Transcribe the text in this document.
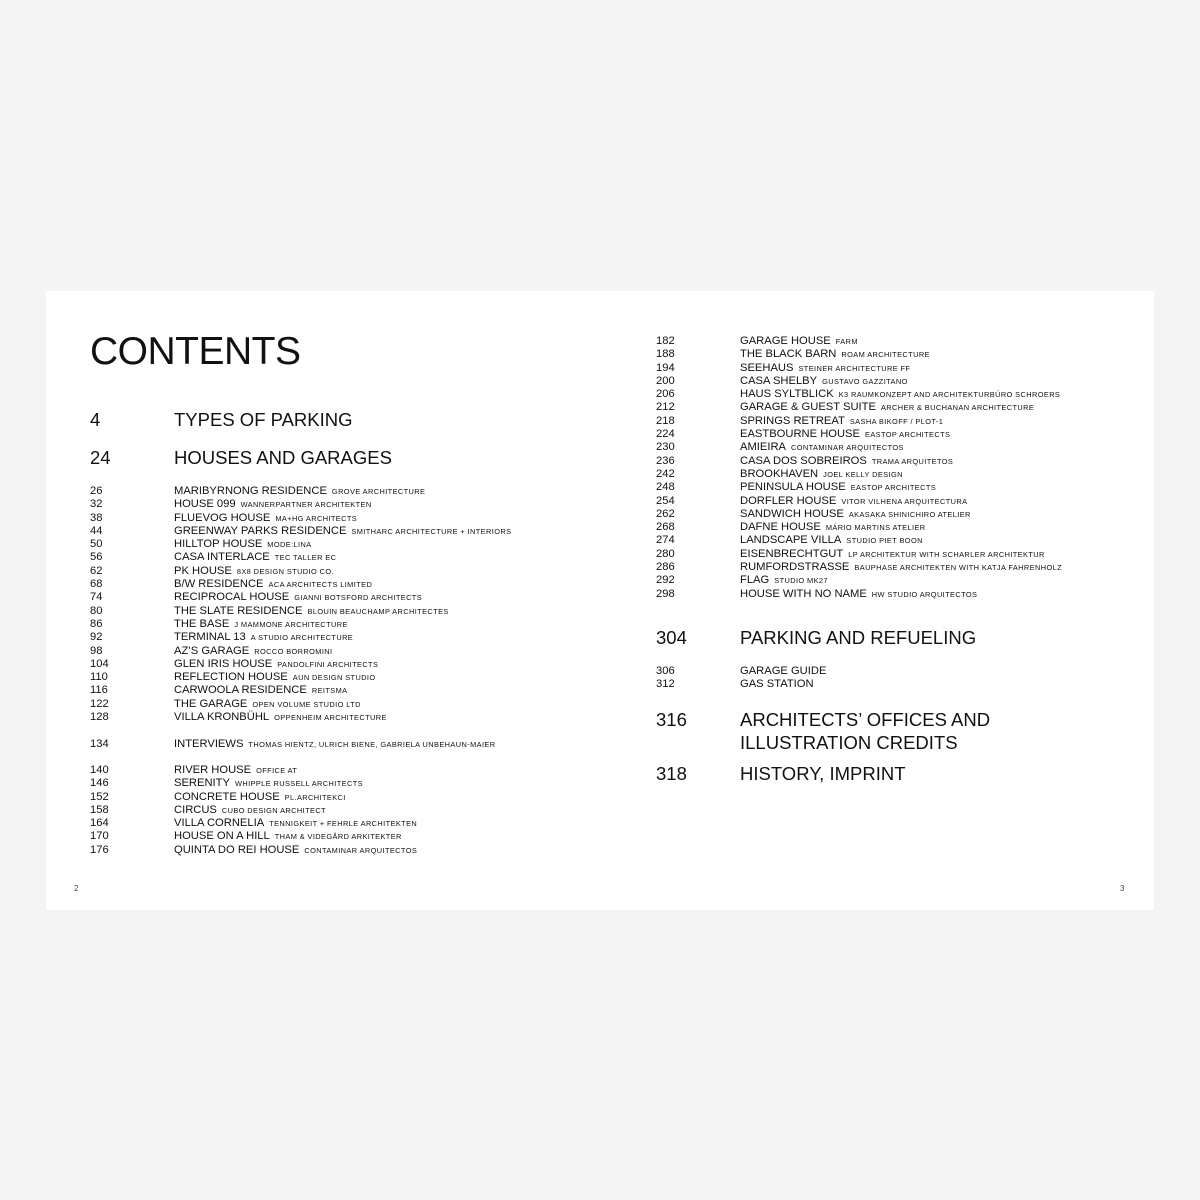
CONTENTS
4	TYPES OF PARKING
24	HOUSES AND GARAGES
26	MARIBYRNONG RESIDENCE GROVE ARCHITECTURE
32	HOUSE 099 WANNERPARTNER ARCHITEKTEN
38	FLUEVOG HOUSE MA+HG ARCHITECTS
44	GREENWAY PARKS RESIDENCE SMITHARC ARCHITECTURE + INTERIORS
50	HILLTOP HOUSE MODE:LINA
56	CASA INTERLACE TEC TALLER EC
62	PK HOUSE 8X8 DESIGN STUDIO CO.
68	B/W RESIDENCE ACA ARCHITECTS LIMITED
74	RECIPROCAL HOUSE GIANNI BOTSFORD ARCHITECTS
80	THE SLATE RESIDENCE BLOUIN BEAUCHAMP ARCHITECTES
86	THE BASE J MAMMONE ARCHITECTURE
92	TERMINAL 13 A STUDIO ARCHITECTURE
98	AZ’S GARAGE ROCCO BORROMINI
104	GLEN IRIS HOUSE PANDOLFINI ARCHITECTS
110	REFLECTION HOUSE AUN DESIGN STUDIO
116	CARWOOLA RESIDENCE REITSMA
122	THE GARAGE OPEN VOLUME STUDIO LTD
128	VILLA KRONBÜHL OPPENHEIM ARCHITECTURE
134	INTERVIEWS THOMAS HIENTZ, ULRICH BIENE, GABRIELA UNBEHAUN-MAIER
140	RIVER HOUSE OFFICE AT
146	SERENITY WHIPPLE RUSSELL ARCHITECTS
152	CONCRETE HOUSE PL.ARCHITEKCI
158	CIRCUS CUBO DESIGN ARCHITECT
164	VILLA CORNELIA TENNIGKEIT + FEHRLE ARCHITEKTEN
170	HOUSE ON A HILL THAM & VIDEGÅRD ARKITEKTER
176	QUINTA DO REI HOUSE CONTAMINAR ARQUITECTOS
182	GARAGE HOUSE FARM
188	THE BLACK BARN ROAM ARCHITECTURE
194	SEEHAUS STEINER ARCHITECTURE FF
200	CASA SHELBY GUSTAVO GAZZITANO
206	HAUS SYLTBLICK K3 RAUMKONZEPT AND ARCHITEKTURBÜRO SCHROERS
212	GARAGE & GUEST SUITE ARCHER & BUCHANAN ARCHITECTURE
218	SPRINGS RETREAT SASHA BIKOFF / PLOT-1
224	EASTBOURNE HOUSE EASTOP ARCHITECTS
230	AMIEIRA CONTAMINAR ARQUITECTOS
236	CASA DOS SOBREIROS TRAMA ARQUITETOS
242	BROOKHAVEN JOEL KELLY DESIGN
248	PENINSULA HOUSE EASTOP ARCHITECTS
254	DORFLER HOUSE VITOR VILHENA ARQUITECTURA
262	SANDWICH HOUSE AKASAKA SHINICHIRO ATELIER
268	DAFNE HOUSE MÁRIO MARTINS ATELIER
274	LANDSCAPE VILLA STUDIO PIET BOON
280	EISENBRECHTGUT LP ARCHITEKTUR WITH SCHARLER ARCHITEKTUR
286	RUMFORDSTRASSE BAUPHASE ARCHITEKTEN WITH KATJA FAHRENHOLZ
292	FLAG STUDIO MK27
298	HOUSE WITH NO NAME HW STUDIO ARQUITECTOS
304	PARKING AND REFUELING
306	GARAGE GUIDE
312	GAS STATION
316	ARCHITECTS’ OFFICES AND
ILLUSTRATION CREDITS
318	HISTORY, IMPRINT
2	3
